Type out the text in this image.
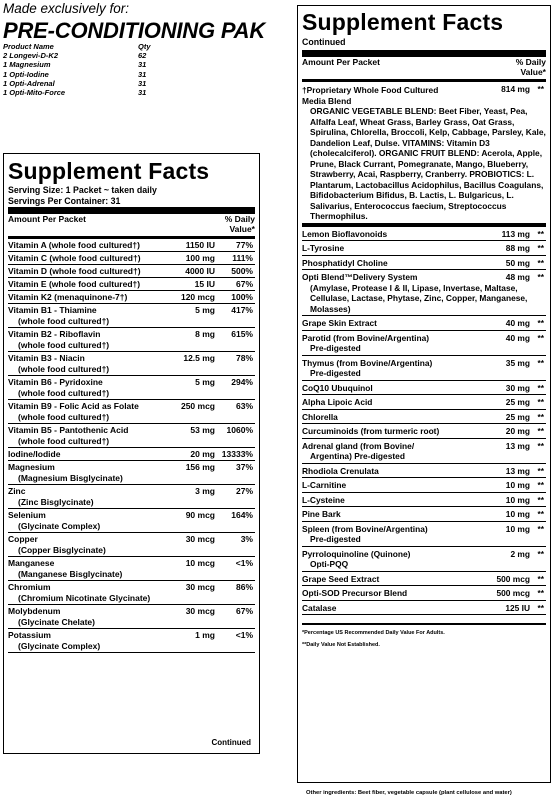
Made exclusively for:
PRE-CONDITIONING PAK
Product Name	Qty
2 Longevi-D-K2	62
1 Magnesium	31
1 Opti-Iodine	31
1 Opti-Adrenal	31
1 Opti-Mito-Force	31
Supplement Facts
Serving Size: 1 Packet ~ taken daily
Servings Per Container: 31
Amount Per Packet	% Daily Value*
Vitamin A (whole food cultured†)	1150 IU 77%
Vitamin C (whole food cultured†)	100 mg 111%
Vitamin D (whole food cultured†)	4000 IU 500%
Vitamin E (whole food cultured†)	15 IU 67%
Vitamin K2 (menaquinone-7†)	120 mcg 100%
Vitamin B1 - Thiamine
(whole food cultured†)
5 mg 417%
Vitamin B2 - Riboflavin
(whole food cultured†)
8 mg 615%
Vitamin B3 - Niacin
(whole food cultured†)
12.5 mg 78%
Vitamin B6 - Pyridoxine
(whole food cultured†)
5 mg 294%
Vitamin B9 - Folic Acid as Folate
(whole food cultured†)
250 mcg 63%
Vitamin B5 - Pantothenic Acid
(whole food cultured†)
53 mg 1060%
Iodine/Iodide	20 mg 13333%
Magnesium
(Magnesium Bisglycinate)
156 mg 37%
Zinc
(Zinc Bisglycinate)
3 mg 27%
Selenium
(Glycinate Complex)
90 mcg 164%
Copper
(Copper Bisglycinate)
30 mcg	3%
Manganese
(Manganese Bisglycinate)
10 mcg <1%
Chromium
(Chromium Nicotinate Glycinate)
30 mcg 86%
Molybdenum
(Glycinate Chelate)
30 mcg 67%
Potassium
(Glycinate Complex)
1 mg <1%
Continued
Supplement Facts
Continued
Amount Per Packet	% Daily Value*
†Proprietary Whole Food Cultured Media Blend
814 mg **
ORGANIC VEGETABLE BLEND: Beet Fiber, Yeast, Pea, Alfalfa Leaf, Wheat Grass, Barley Grass, Oat Grass, Spirulina, Chlorella, Broccoli, Kelp, Cabbage, Parsley, Kale, Dandelion Leaf, Dulse. VITAMINS: Vitamin D3 (cholecalciferol). ORGANIC FRUIT BLEND: Acerola, Apple, Prune, Black Currant, Pomegranate, Mango, Blueberry, Strawberry, Acai, Raspberry, Cranberry. PROBIOTICS: L. Plantarum, Lactobacillus Acidophilus, Bacillus Coagulans, Bifidobacterium Bifidus, B. Lactis, L. Bulgaricus, L. Salivarius, Enterococcus faecium, Streptococcus Thermophilus.
Lemon Bioflavonoids	113 mg **
L-Tyrosine	88 mg **
Phosphatidyl Choline	50 mg **
Opti Blend™Delivery System
(Amylase, Protease I & II, Lipase, Invertase, Maltase, Cellulase, Lactase, Phytase, Zinc, Copper, Manganese, Molasses)
48 mg **
Grape Skin Extract	40 mg **
Parotid (from Bovine/Argentina)
Pre-digested
40 mg **
Thymus (from Bovine/Argentina)
Pre-digested
35 mg **
CoQ10 Ubuquinol	30 mg **
Alpha Lipoic Acid	25 mg **
Chlorella	25 mg **
Curcuminoids (from turmeric root)	20 mg **
Adrenal gland (from Bovine/
Argentina) Pre-digested
13 mg **
Rhodiola Crenulata	13 mg **
L-Carnitine	10 mg **
L-Cysteine	10 mg **
Pine Bark	10 mg **
Spleen (from Bovine/Argentina)
Pre-digested
10 mg **
Pyrroloquinoline (Quinone)
Opti-PQQ
2 mg **
Grape Seed Extract	500 mcg **
Opti-SOD Precursor Blend	500 mcg **
Catalase	125 IU **
*Percentage US Recommended Daily Value For Adults.
**Daily Value Not Established.
Other ingredients: Beet fiber, vegetable capsule (plant cellulose and water)
